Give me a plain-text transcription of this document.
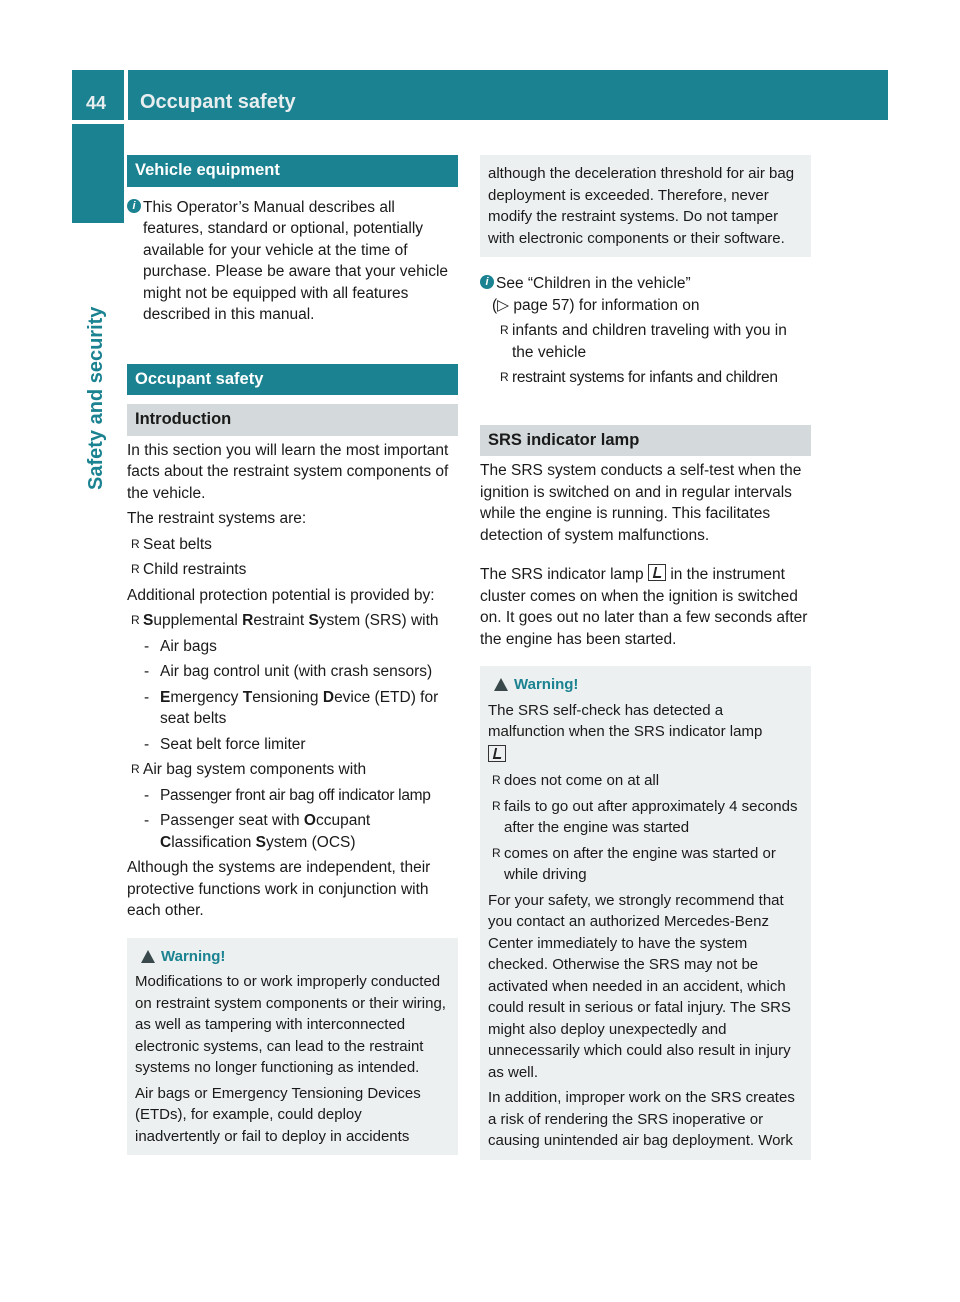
44 Occupant safety
Safety and security
Vehicle equipment
i This Operator’s Manual describes all features, standard or optional, potentially available for your vehicle at the time of purchase. Please be aware that your vehicle might not be equipped with all features described in this manual.

Occupant safety
Introduction

In this section you will learn the most important facts about the restraint system components of the vehicle.

The restraint systems are:

R Seat belts
R Child restraints

Additional protection potential is provided by:

R Supplemental Restraint System (SRS) with
- Air bags
- Air bag control unit (with crash sensors)
- Emergency Tensioning Device (ETD) for seat belts
- Seat belt force limiter
R Air bag system components with
- Passenger front air bag off indicator lamp
- Passenger seat with Occupant Classification System (OCS)

Although the systems are independent, their protective functions work in conjunction with each other.

Warning!

Modifications to or work improperly conducted on restraint system components or their wiring, as well as tampering with interconnected electronic systems, can lead to the restraint systems no longer functioning as intended.

Air bags or Emergency Tensioning Devices (ETDs), for example, could deploy inadvertently or fail to deploy in accidents

although the deceleration threshold for air bag deployment is exceeded. Therefore, never modify the restraint systems. Do not tamper with electronic components or their software.

i See “Children in the vehicle”

(▷ page 57) for information on

R infants and children traveling with you in the vehicle
R restraint systems for infants and children
SRS indicator lamp

The SRS system conducts a self-test when the ignition is switched on and in regular intervals while the engine is running. This facilitates detection of system malfunctions.

The SRS indicator lamp in the instrument cluster comes on when the ignition is switched on. It goes out no later than a few seconds after the engine has been started.

Warning!

The SRS self-check has detected a malfunction when the SRS indicator lamp

R does not come on at all
R fails to go out after approximately 4 seconds after the engine was started
R comes on after the engine was started or while driving

For your safety, we strongly recommend that you contact an authorized Mercedes-Benz Center immediately to have the system checked. Otherwise the SRS may not be activated when needed in an accident, which could result in serious or fatal injury. The SRS might also deploy unexpectedly and unnecessarily which could also result in injury as well.

In addition, improper work on the SRS creates a risk of rendering the SRS inoperative or causing unintended air bag deployment. Work
